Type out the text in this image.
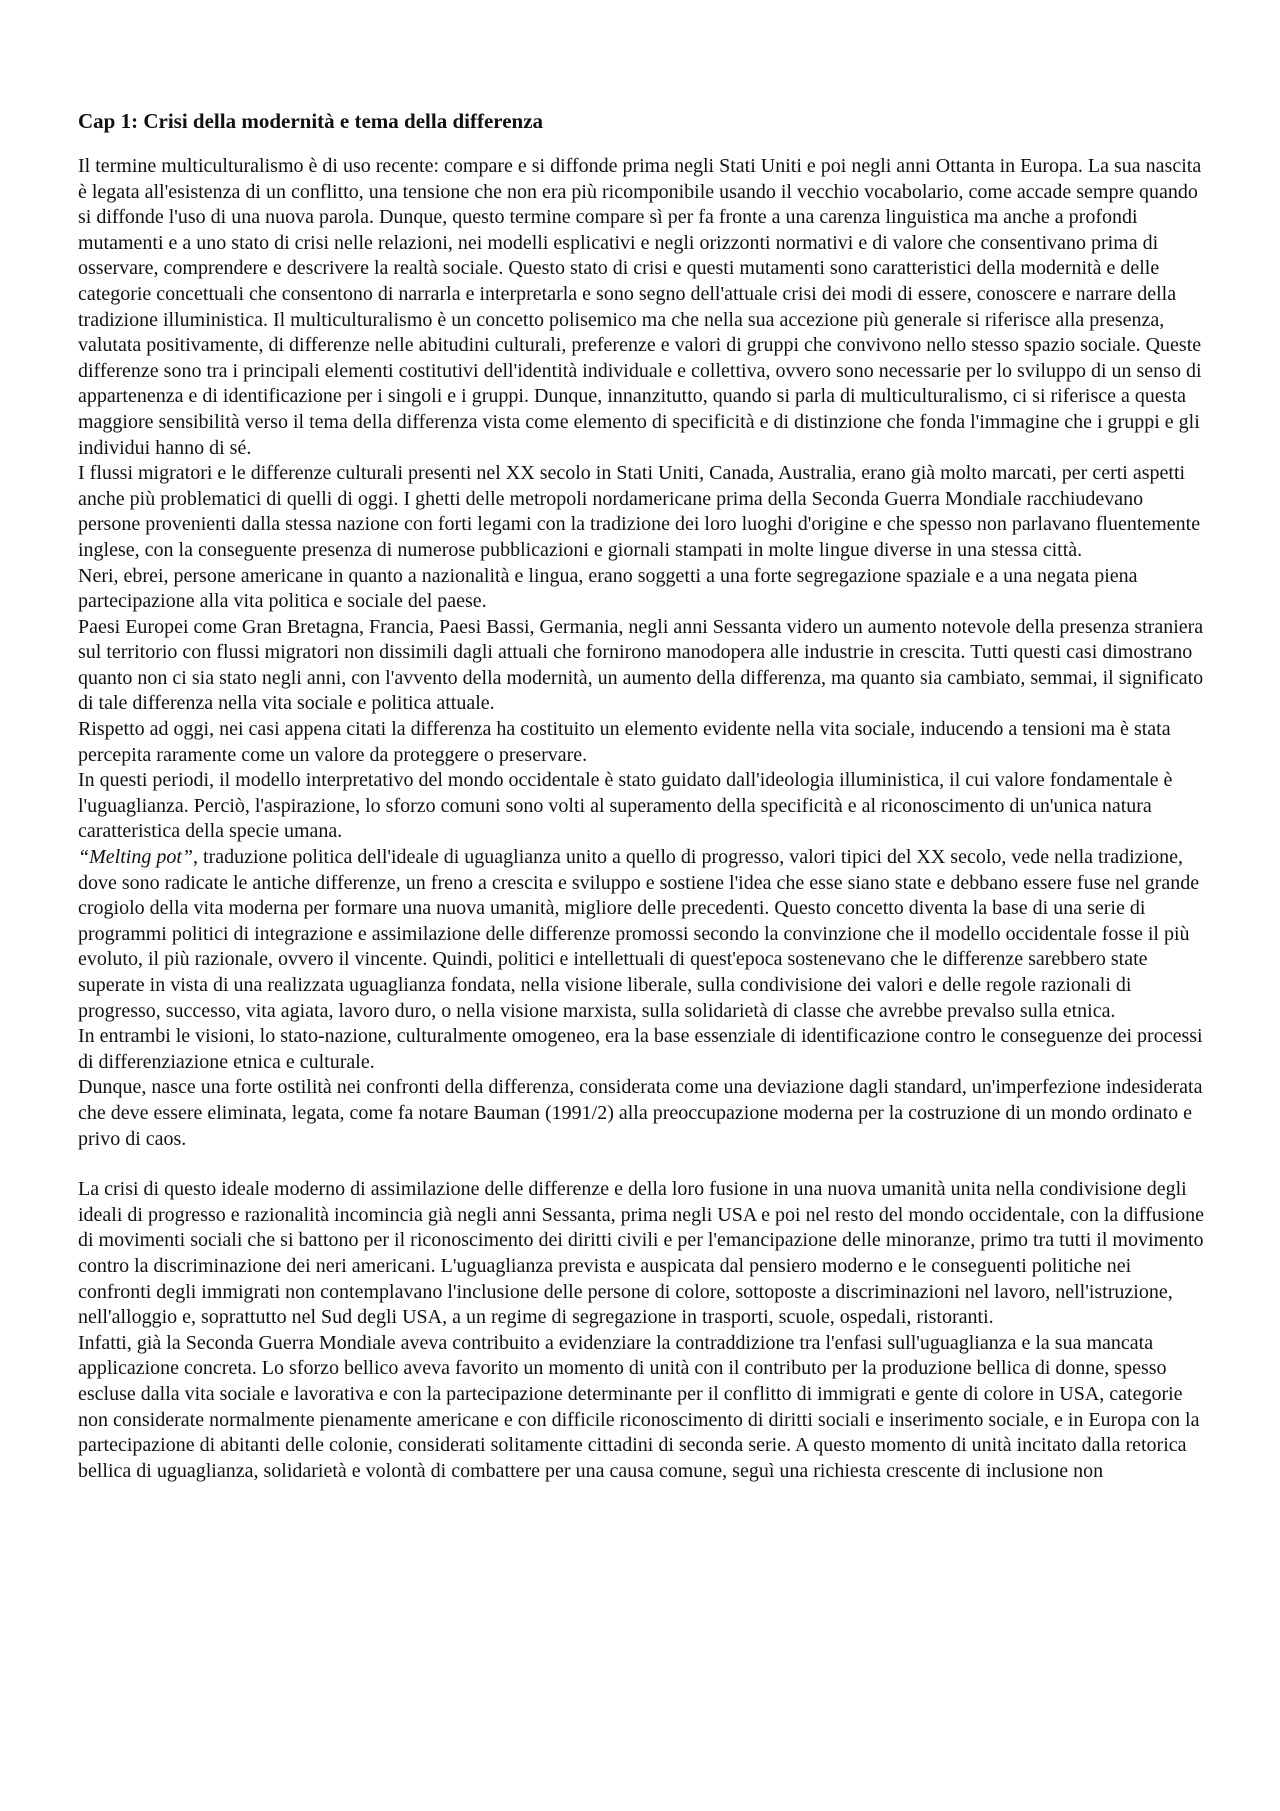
Cap 1: Crisi della modernità e tema della differenza

Il termine multiculturalismo è di uso recente: compare e si diffonde prima negli Stati Uniti e poi negli anni Ottanta in Europa. La sua nascita è legata all'esistenza di un conflitto, una tensione che non era più ricomponibile usando il vecchio vocabolario, come accade sempre quando si diffonde l'uso di una nuova parola. Dunque, questo termine compare sì per fa fronte a una carenza linguistica ma anche a profondi mutamenti e a uno stato di crisi nelle relazioni, nei modelli esplicativi e negli orizzonti normativi e di valore che consentivano prima di osservare, comprendere e descrivere la realtà sociale. Questo stato di crisi e questi mutamenti sono caratteristici della modernità e delle categorie concettuali che consentono di narrarla e interpretarla e sono segno dell'attuale crisi dei modi di essere, conoscere e narrare della tradizione illuministica. Il multiculturalismo è un concetto polisemico ma che nella sua accezione più generale si riferisce alla presenza, valutata positivamente, di differenze nelle abitudini culturali, preferenze e valori di gruppi che convivono nello stesso spazio sociale. Queste differenze sono tra i principali elementi costitutivi dell'identità individuale e collettiva, ovvero sono necessarie per lo sviluppo di un senso di appartenenza e di identificazione per i singoli e i gruppi. Dunque, innanzitutto, quando si parla di multiculturalismo, ci si riferisce a questa maggiore sensibilità verso il tema della differenza vista come elemento di specificità e di distinzione che fonda l'immagine che i gruppi e gli individui hanno di sé.

I flussi migratori e le differenze culturali presenti nel XX secolo in Stati Uniti, Canada, Australia, erano già molto marcati, per certi aspetti anche più problematici di quelli di oggi. I ghetti delle metropoli nordamericane prima della Seconda Guerra Mondiale racchiudevano persone provenienti dalla stessa nazione con forti legami con la tradizione dei loro luoghi d'origine e che spesso non parlavano fluentemente inglese, con la conseguente presenza di numerose pubblicazioni e giornali stampati in molte lingue diverse in una stessa città.

Neri, ebrei, persone americane in quanto a nazionalità e lingua, erano soggetti a una forte segregazione spaziale e a una negata piena partecipazione alla vita politica e sociale del paese.

Paesi Europei come Gran Bretagna, Francia, Paesi Bassi, Germania, negli anni Sessanta videro un aumento notevole della presenza straniera sul territorio con flussi migratori non dissimili dagli attuali che fornirono manodopera alle industrie in crescita. Tutti questi casi dimostrano quanto non ci sia stato negli anni, con l'avvento della modernità, un aumento della differenza, ma quanto sia cambiato, semmai, il significato di tale differenza nella vita sociale e politica attuale.

Rispetto ad oggi, nei casi appena citati la differenza ha costituito un elemento evidente nella vita sociale, inducendo a tensioni ma è stata percepita raramente come un valore da proteggere o preservare.

In questi periodi, il modello interpretativo del mondo occidentale è stato guidato dall'ideologia illuministica, il cui valore fondamentale è l'uguaglianza. Perciò, l'aspirazione, lo sforzo comuni sono volti al superamento della specificità e al riconoscimento di un'unica natura caratteristica della specie umana.

“Melting pot”, traduzione politica dell'ideale di uguaglianza unito a quello di progresso, valori tipici del XX secolo, vede nella tradizione, dove sono radicate le antiche differenze, un freno a crescita e sviluppo e sostiene l'idea che esse siano state e debbano essere fuse nel grande crogiolo della vita moderna per formare una nuova umanità, migliore delle precedenti. Questo concetto diventa la base di una serie di programmi politici di integrazione e assimilazione delle differenze promossi secondo la convinzione che il modello occidentale fosse il più evoluto, il più razionale, ovvero il vincente. Quindi, politici e intellettuali di quest'epoca sostenevano che le differenze sarebbero state superate in vista di una realizzata uguaglianza fondata, nella visione liberale, sulla condivisione dei valori e delle regole razionali di progresso, successo, vita agiata, lavoro duro, o nella visione marxista, sulla solidarietà di classe che avrebbe prevalso sulla etnica.

In entrambi le visioni, lo stato-nazione, culturalmente omogeneo, era la base essenziale di identificazione contro le conseguenze dei processi di differenziazione etnica e culturale.

Dunque, nasce una forte ostilità nei confronti della differenza, considerata come una deviazione dagli standard, un'imperfezione indesiderata che deve essere eliminata, legata, come fa notare Bauman (1991/2) alla preoccupazione moderna per la costruzione di un mondo ordinato e privo di caos.

La crisi di questo ideale moderno di assimilazione delle differenze e della loro fusione in una nuova umanità unita nella condivisione degli ideali di progresso e razionalità incomincia già negli anni Sessanta, prima negli USA e poi nel resto del mondo occidentale, con la diffusione di movimenti sociali che si battono per il riconoscimento dei diritti civili e per l'emancipazione delle minoranze, primo tra tutti il movimento contro la discriminazione dei neri americani. L'uguaglianza prevista e auspicata dal pensiero moderno e le conseguenti politiche nei confronti degli immigrati non contemplavano l'inclusione delle persone di colore, sottoposte a discriminazioni nel lavoro, nell'istruzione, nell'alloggio e, soprattutto nel Sud degli USA, a un regime di segregazione in trasporti, scuole, ospedali, ristoranti.

Infatti, già la Seconda Guerra Mondiale aveva contribuito a evidenziare la contraddizione tra l'enfasi sull'uguaglianza e la sua mancata applicazione concreta. Lo sforzo bellico aveva favorito un momento di unità con il contributo per la produzione bellica di donne, spesso escluse dalla vita sociale e lavorativa e con la partecipazione determinante per il conflitto di immigrati e gente di colore in USA, categorie non considerate normalmente pienamente americane e con difficile riconoscimento di diritti sociali e inserimento sociale, e in Europa con la partecipazione di abitanti delle colonie, considerati solitamente cittadini di seconda serie. A questo momento di unità incitato dalla retorica bellica di uguaglianza, solidarietà e volontà di combattere per una causa comune, seguì una richiesta crescente di inclusione non
